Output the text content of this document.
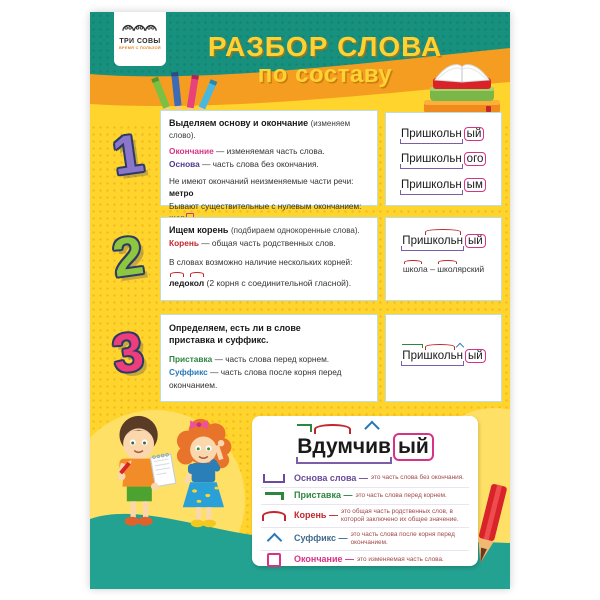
ТРИ СОВЫ
ВРЕМЯ С ПОЛЬЗОЙ	РАЗБОР СЛОВА
по составу
1
2
3
Выделяем основу и окончание (изменяем слово).
Окончание — изменяемая часть слова.
Основа — часть слова без окончания.
Не имеют окончаний неизменяемые части речи: метро
Бывают существительные с нулевым окончанием:
Пришкольн ый
Пришкольн ого
Пришкольн ым
Ищем корень (подбираем однокоренные слова).
Корень — общая часть родственных слов.
В словах возможно наличие нескольких корней:
ледокол (2 корня с соединительной гласной).
Пришкольн ый
школа – школярский
Определяем, есть ли в слове приставка и суффикс.
Приставка — часть слова перед корнем.
Суффикс — часть слова после корня перед окончанием.
Пришкольн ый
Вдумчив ый
Основа слова — это часть слова без окончания.
Приставка — это часть слова перед корнем.
Корень — это общая часть родственных слов, в которой заключено их общее значение.
Суффикс — это часть слова после корня перед окончанием.
Окончание — это изменяемая часть слова.
